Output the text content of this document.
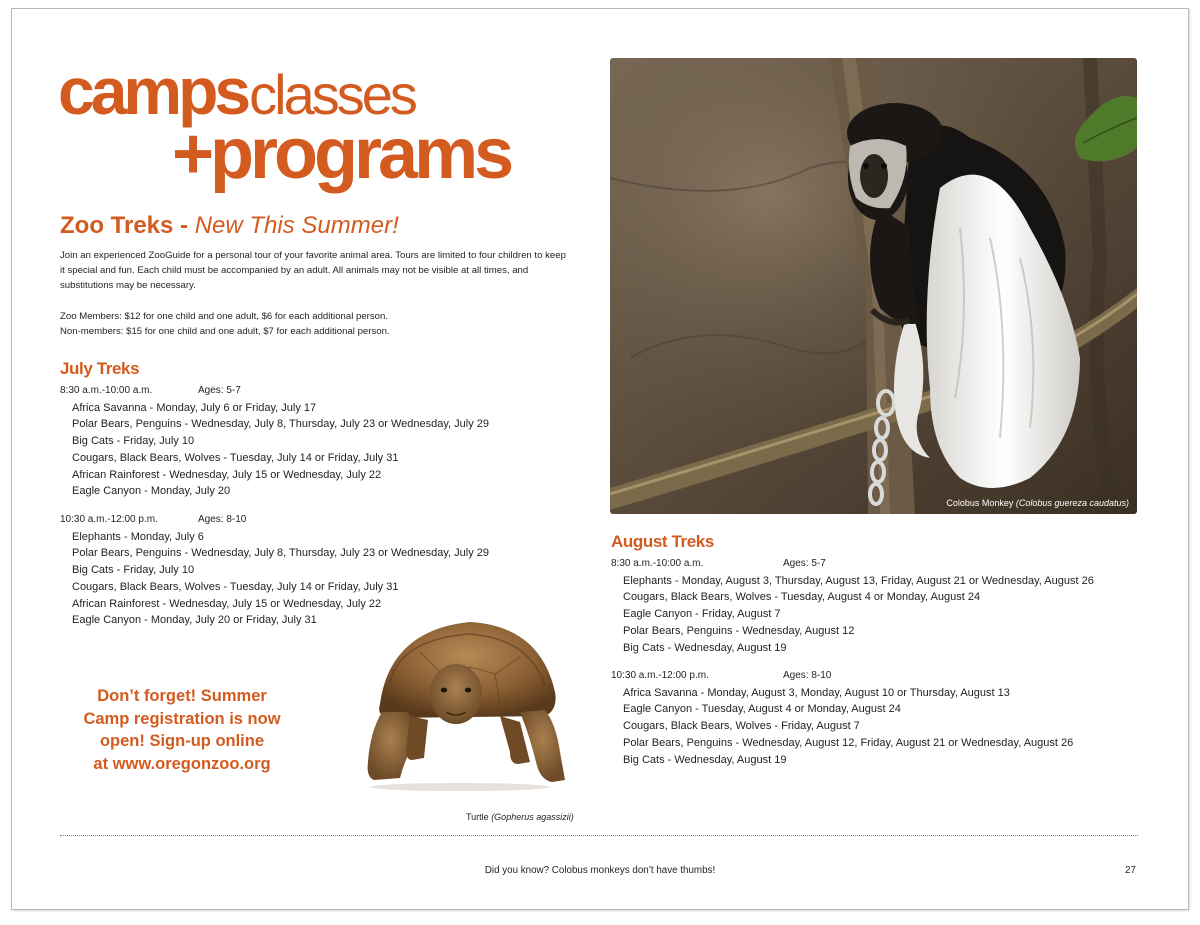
campsclasses
+programs
Zoo Treks - New This Summer!

Join an experienced ZooGuide for a personal tour of your favorite animal area. Tours are limited to four children to keep it special and fun. Each child must be accompanied by an adult. All animals may not be visible at all times, and substitutions may be necessary.

Zoo Members: $12 for one child and one adult, $6 for each additional person.
Non-members: $15 for one child and one adult, $7 for each additional person.
July Treks
8:30 a.m.-10:00 a.m.	Ages: 5-7
Africa Savanna - Monday, July 6 or Friday, July 17
Polar Bears, Penguins - Wednesday, July 8, Thursday, July 23 or Wednesday, July 29
Big Cats - Friday, July 10
Cougars, Black Bears, Wolves - Tuesday, July 14 or Friday, July 31
African Rainforest - Wednesday, July 15 or Wednesday, July 22
Eagle Canyon - Monday, July 20
10:30 a.m.-12:00 p.m.	Ages: 8-10
Elephants - Monday, July 6
Polar Bears, Penguins - Wednesday, July 8, Thursday, July 23 or Wednesday, July 29
Big Cats - Friday, July 10
Cougars, Black Bears, Wolves - Tuesday, July 14 or Friday, July 31
African Rainforest - Wednesday, July 15 or Wednesday, July 22
Eagle Canyon - Monday, July 20 or Friday, July 31

Don’t forget! Summer
Camp registration is now
open! Sign-up online
at www.oregonzoo.org

Turtle (Gopherus agassizii)
Colobus Monkey (Colobus guereza caudatus)
August Treks
8:30 a.m.-10:00 a.m.	Ages: 5-7
Elephants - Monday, August 3, Thursday, August 13, Friday, August 21 or Wednesday, August 26
Cougars, Black Bears, Wolves - Tuesday, August 4 or Monday, August 24
Eagle Canyon - Friday, August 7
Polar Bears, Penguins - Wednesday, August 12
Big Cats - Wednesday, August 19
10:30 a.m.-12:00 p.m.	Ages: 8-10
Africa Savanna - Monday, August 3, Monday, August 10 or Thursday, August 13
Eagle Canyon - Tuesday, August 4 or Monday, August 24
Cougars, Black Bears, Wolves - Friday, August 7
Polar Bears, Penguins - Wednesday, August 12, Friday, August 21 or Wednesday, August 26
Big Cats - Wednesday, August 19

Did you know? Colobus monkeys don’t have thumbs!	27
